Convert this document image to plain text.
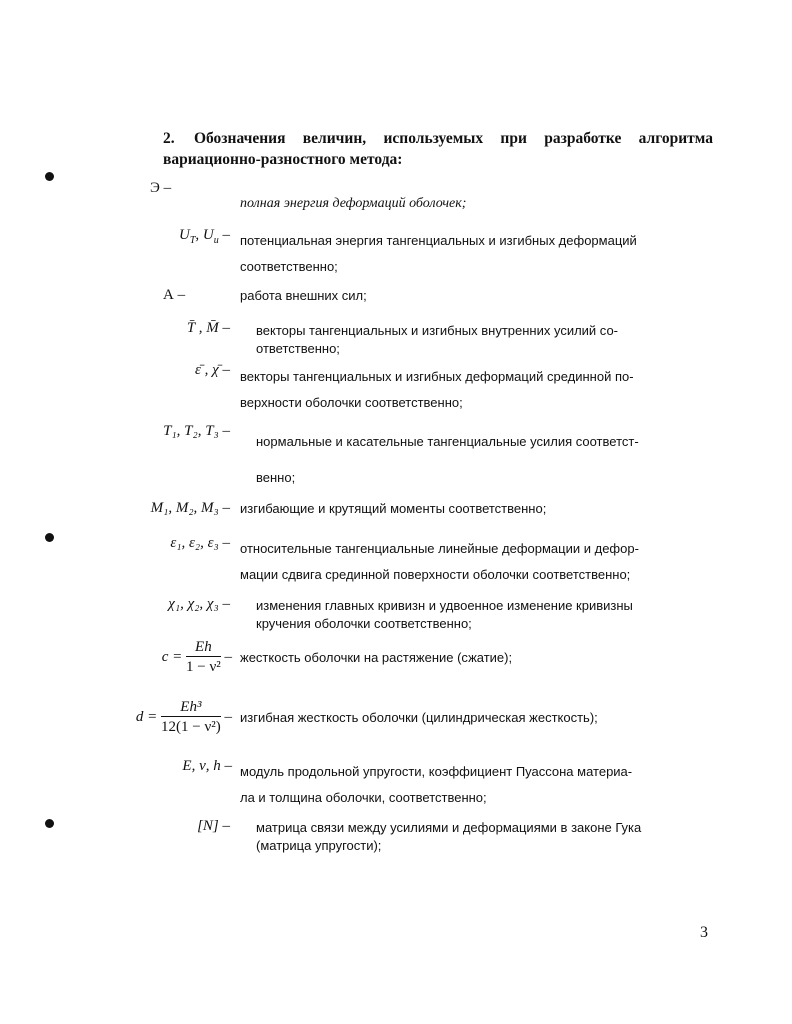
2. Обозначения величин, используемых при разработке алгоритма вариационно-разностного метода:
Э –
полная энергия деформаций оболочек;
$U_T$, $U_и$ – потенциальная энергия тангенциальных и изгибных деформаций
соответственно;
А –	работа внешних сил;
T̄ , M̄ – векторы тангенциальных и изгибных внутренних усилий со-
ответственно;
ε̄ , χ̄ – векторы тангенциальных и изгибных деформаций срединной по-
верхности оболочки соответственно;
T₁, T₂, T₃ –
нормальные и касательные тангенциальные усилия соответст-
венно;
M₁, M₂, M₃ – изгибающие и крутящий моменты соответственно;
ε₁, ε₂, ε₃ – относительные тангенциальные линейные деформации и дефор-
мации сдвига срединной поверхности оболочки соответственно;
χ₁, χ₂, χ₃ – изменения главных кривизн и удвоенное изменение кривизны
кручения оболочки соответственно;
$c = \frac{Eh}{\text{1 − ν²}}$ – жесткость оболочки на растяжение (сжатие);
$d = \frac{\text{Eh³}}{\text{12(1 − ν²)}}$ – изгибная жесткость оболочки (цилиндрическая жесткость);
E, ν, h – модуль продольной упругости, коэффициент Пуассона материа-
ла и толщина оболочки, соответственно;
[N] – матрица связи между усилиями и деформациями в законе Гука
(матрица упругости);
3
